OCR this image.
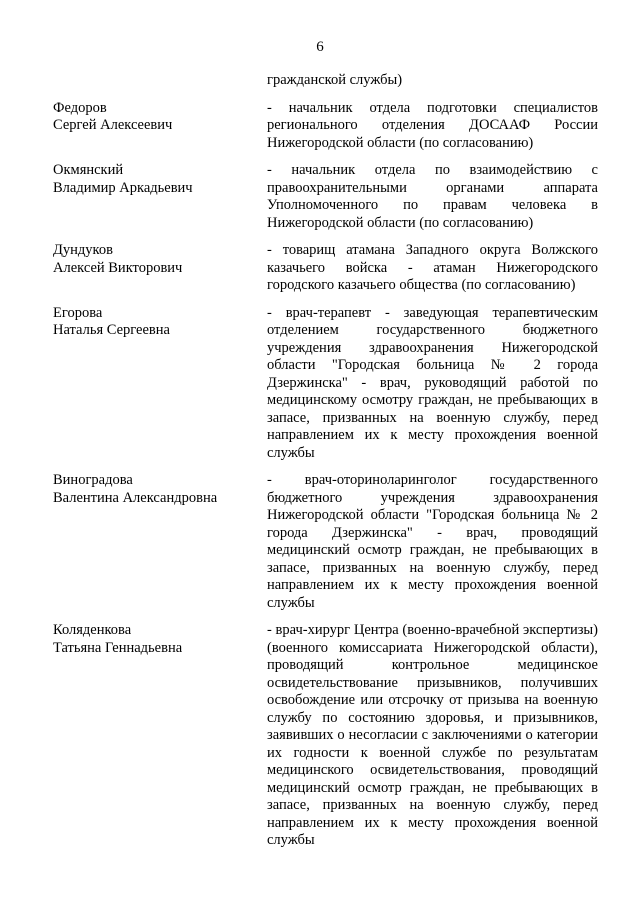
6
гражданской службы)
Федоров
Сергей Алексеевич
- начальник отдела подготовки специалистов регионального отделения ДОСААФ России Нижегородской области (по согласованию)
Окмянский
Владимир Аркадьевич
- начальник отдела по взаимодействию с правоохранительными органами аппарата Уполномоченного по правам человека в Нижегородской области (по согласованию)
Дундуков
Алексей Викторович
- товарищ атамана Западного округа Волжского казачьего войска - атаман Нижегородского городского казачьего общества (по согласованию)
Егорова
Наталья Сергеевна
- врач-терапевт - заведующая терапевтическим отделением государственного бюджетного учреждения здравоохранения Нижегородской области "Городская больница № 2 города Дзержинска" - врач, руководящий работой по медицинскому осмотру граждан, не пребывающих в запасе, призванных на военную службу, перед направлением их к месту прохождения военной службы
Виноградова
Валентина Александровна
- врач-оториноларинголог государственного бюджетного учреждения здравоохранения Нижегородской области "Городская больница № 2 города Дзержинска" - врач, проводящий медицинский осмотр граждан, не пребывающих в запасе, призванных на военную службу, перед направлением их к месту прохождения военной службы
Коляденкова
Татьяна Геннадьевна
- врач-хирург Центра (военно-врачебной экспертизы) (военного комиссариата Нижегородской области), проводящий контрольное медицинское освидетельствование призывников, получивших освобождение или отсрочку от призыва на военную службу по состоянию здоровья, и призывников, заявивших о несогласии с заключениями о категории их годности к военной службе по результатам медицинского освидетельствования, проводящий медицинский осмотр граждан, не пребывающих в запасе, призванных на военную службу, перед направлением их к месту прохождения военной службы
